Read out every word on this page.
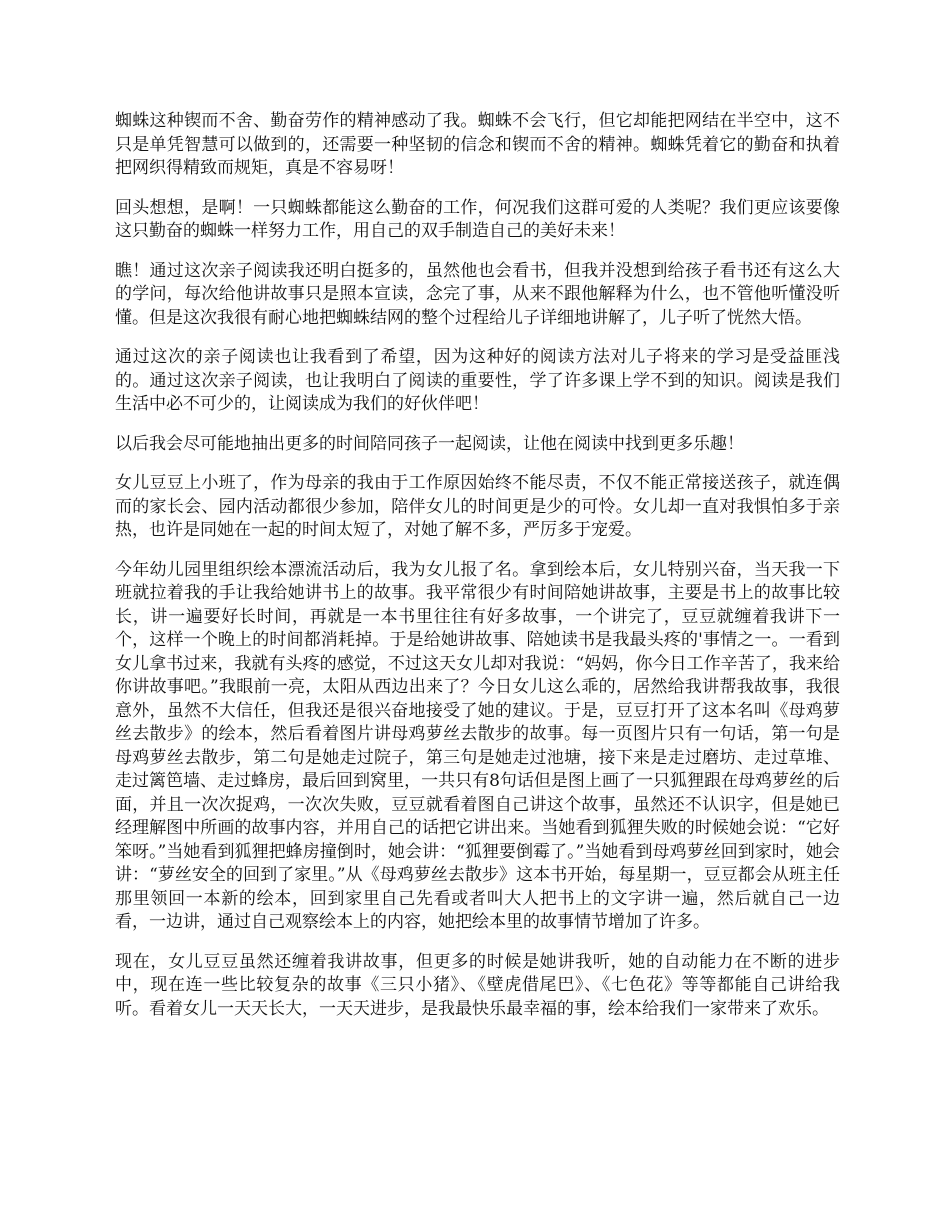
蜘蛛这种锲而不舍、勤奋劳作的精神感动了我。蜘蛛不会飞行，但它却能把网结在半空中，这不只是单凭智慧可以做到的，还需要一种坚韧的信念和锲而不舍的精神。蜘蛛凭着它的勤奋和执着把网织得精致而规矩，真是不容易呀！

回头想想，是啊！一只蜘蛛都能这么勤奋的工作，何况我们这群可爱的人类呢？我们更应该要像这只勤奋的蜘蛛一样努力工作，用自己的双手制造自己的美好未来！

瞧！通过这次亲子阅读我还明白挺多的，虽然他也会看书，但我并没想到给孩子看书还有这么大的学问，每次给他讲故事只是照本宣读，念完了事，从来不跟他解释为什么，也不管他听懂没听懂。但是这次我很有耐心地把蜘蛛结网的整个过程给儿子详细地讲解了，儿子听了恍然大悟。

通过这次的亲子阅读也让我看到了希望，因为这种好的阅读方法对儿子将来的学习是受益匪浅的。通过这次亲子阅读，也让我明白了阅读的重要性，学了许多课上学不到的知识。阅读是我们生活中必不可少的，让阅读成为我们的好伙伴吧！

以后我会尽可能地抽出更多的时间陪同孩子一起阅读，让他在阅读中找到更多乐趣！

女儿豆豆上小班了，作为母亲的我由于工作原因始终不能尽责，不仅不能正常接送孩子，就连偶而的家长会、园内活动都很少参加，陪伴女儿的时间更是少的可怜。女儿却一直对我惧怕多于亲热，也许是同她在一起的时间太短了，对她了解不多，严厉多于宠爱。

今年幼儿园里组织绘本漂流活动后，我为女儿报了名。拿到绘本后，女儿特别兴奋，当天我一下班就拉着我的手让我给她讲书上的故事。我平常很少有时间陪她讲故事，主要是书上的故事比较长，讲一遍要好长时间，再就是一本书里往往有好多故事，一个讲完了，豆豆就缠着我讲下一个，这样一个晚上的时间都消耗掉。于是给她讲故事、陪她读书是我最头疼的'事情之一。一看到女儿拿书过来，我就有头疼的感觉，不过这天女儿却对我说：“妈妈，你今日工作辛苦了，我来给你讲故事吧。”我眼前一亮，太阳从西边出来了？今日女儿这么乖的，居然给我讲帮我故事，我很意外，虽然不大信任，但我还是很兴奋地接受了她的建议。于是，豆豆打开了这本名叫《母鸡萝丝去散步》的绘本，然后看着图片讲母鸡萝丝去散步的故事。每一页图片只有一句话，第一句是母鸡萝丝去散步，第二句是她走过院子，第三句是她走过池塘，接下来是走过磨坊、走过草堆、走过篱笆墙、走过蜂房，最后回到窝里，一共只有8句话但是图上画了一只狐狸跟在母鸡萝丝的后面，并且一次次捉鸡，一次次失败，豆豆就看着图自己讲这个故事，虽然还不认识字，但是她已经理解图中所画的故事内容，并用自己的话把它讲出来。当她看到狐狸失败的时候她会说：“它好笨呀。”当她看到狐狸把蜂房撞倒时，她会讲：“狐狸要倒霉了。”当她看到母鸡萝丝回到家时，她会讲：“萝丝安全的回到了家里。”从《母鸡萝丝去散步》这本书开始，每星期一，豆豆都会从班主任那里领回一本新的绘本，回到家里自己先看或者叫大人把书上的文字讲一遍，然后就自己一边看，一边讲，通过自己观察绘本上的内容，她把绘本里的故事情节增加了许多。

现在，女儿豆豆虽然还缠着我讲故事，但更多的时候是她讲我听，她的自动能力在不断的进步中，现在连一些比较复杂的故事《三只小猪》、《壁虎借尾巴》、《七色花》等等都能自己讲给我听。看着女儿一天天长大，一天天进步，是我最快乐最幸福的事，绘本给我们一家带来了欢乐。
